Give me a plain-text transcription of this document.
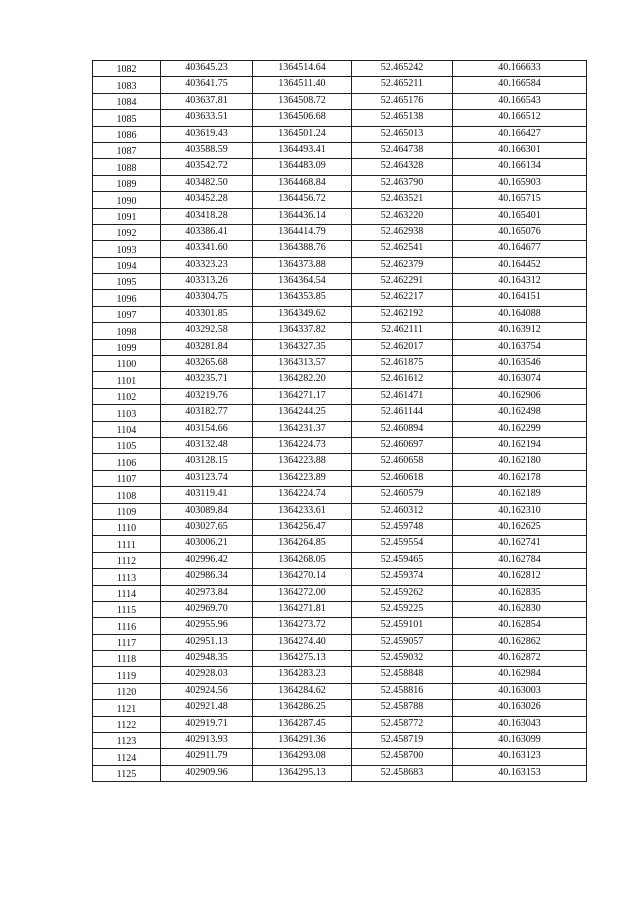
1082	403645.23	1364514.64	52.465242	40.166633
1083	403641.75	1364511.40	52.465211	40.166584
1084	403637.81	1364508.72	52.465176	40.166543
1085	403633.51	1364506.68	52.465138	40.166512
1086	403619.43	1364501.24	52.465013	40.166427
1087	403588.59	1364493.41	52.464738	40.166301
1088	403542.72	1364483.09	52.464328	40.166134
1089	403482.50	1364468.84	52.463790	40.165903
1090	403452.28	1364456.72	52.463521	40.165715
1091	403418.28	1364436.14	52.463220	40.165401
1092	403386.41	1364414.79	52.462938	40.165076
1093	403341.60	1364388.76	52.462541	40.164677
1094	403323.23	1364373.88	52.462379	40.164452
1095	403313.26	1364364.54	52.462291	40.164312
1096	403304.75	1364353.85	52.462217	40.164151
1097	403301.85	1364349.62	52.462192	40.164088
1098	403292.58	1364337.82	52.462111	40.163912
1099	403281.84	1364327.35	52.462017	40.163754
1100	403265.68	1364313.57	52.461875	40.163546
1101	403235.71	1364282.20	52.461612	40.163074
1102	403219.76	1364271.17	52.461471	40.162906
1103	403182.77	1364244.25	52.461144	40.162498
1104	403154.66	1364231.37	52.460894	40.162299
1105	403132.48	1364224.73	52.460697	40.162194
1106	403128.15	1364223.88	52.460658	40.162180
1107	403123.74	1364223.89	52.460618	40.162178
1108	403119.41	1364224.74	52.460579	40.162189
1109	403089.84	1364233.61	52.460312	40.162310
1110	403027.65	1364256.47	52.459748	40.162625
1111	403006.21	1364264.85	52.459554	40.162741
1112	402996.42	1364268.05	52.459465	40.162784
1113	402986.34	1364270.14	52.459374	40.162812
1114	402973.84	1364272.00	52.459262	40.162835
1115	402969.70	1364271.81	52.459225	40.162830
1116	402955.96	1364273.72	52.459101	40.162854
1117	402951.13	1364274.40	52.459057	40.162862
1118	402948.35	1364275.13	52.459032	40.162872
1119	402928.03	1364283.23	52.458848	40.162984
1120	402924.56	1364284.62	52.458816	40.163003
1121	402921.48	1364286.25	52.458788	40.163026
1122	402919.71	1364287.45	52.458772	40.163043
1123	402913.93	1364291.36	52.458719	40.163099
1124	402911.79	1364293.08	52.458700	40.163123
1125	402909.96	1364295.13	52.458683	40.163153
